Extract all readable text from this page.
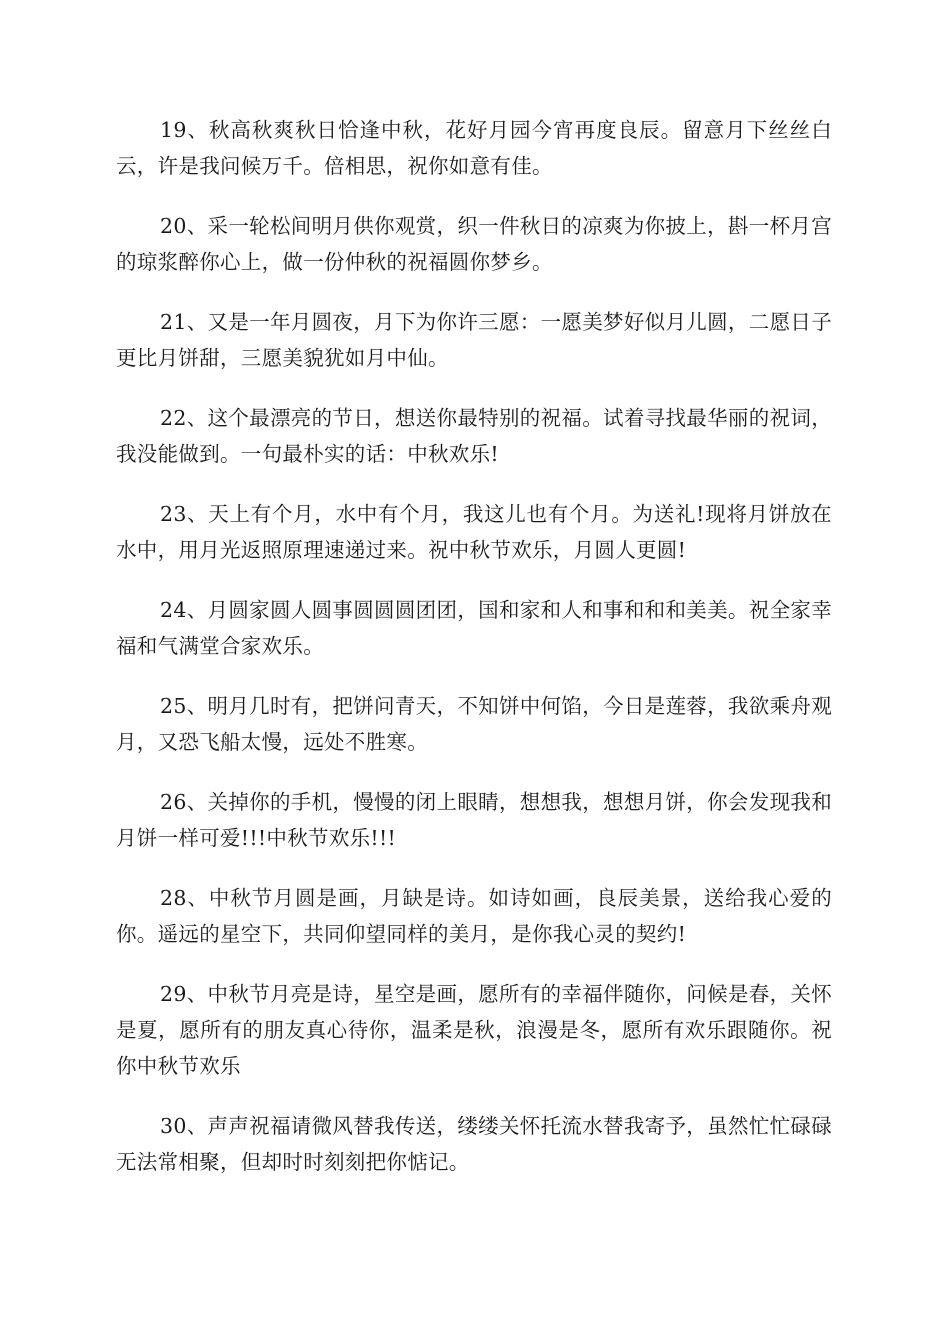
19、秋高秋爽秋日恰逢中秋，花好月园今宵再度良辰。留意月下丝丝白云，许是我问候万千。倍相思，祝你如意有佳。

20、采一轮松间明月供你观赏，织一件秋日的凉爽为你披上，斟一杯月宫的琼浆醉你心上，做一份仲秋的祝福圆你梦乡。

21、又是一年月圆夜，月下为你许三愿：一愿美梦好似月儿圆，二愿日子更比月饼甜，三愿美貌犹如月中仙。

22、这个最漂亮的节日，想送你最特别的祝福。试着寻找最华丽的祝词，我没能做到。一句最朴实的话：中秋欢乐!

23、天上有个月，水中有个月，我这儿也有个月。为送礼!现将月饼放在水中，用月光返照原理速递过来。祝中秋节欢乐，月圆人更圆!

24、月圆家圆人圆事圆圆圆团团，国和家和人和事和和和美美。祝全家幸福和气满堂合家欢乐。

25、明月几时有，把饼问青天，不知饼中何馅，今日是莲蓉，我欲乘舟观月，又恐飞船太慢，远处不胜寒。

26、关掉你的手机，慢慢的闭上眼睛，想想我，想想月饼，你会发现我和月饼一样可爱!!!中秋节欢乐!!!

28、中秋节月圆是画，月缺是诗。如诗如画，良辰美景，送给我心爱的你。遥远的星空下，共同仰望同样的美月，是你我心灵的契约!

29、中秋节月亮是诗，星空是画，愿所有的幸福伴随你，问候是春，关怀是夏，愿所有的朋友真心待你，温柔是秋，浪漫是冬，愿所有欢乐跟随你。祝你中秋节欢乐

30、声声祝福请微风替我传送，缕缕关怀托流水替我寄予，虽然忙忙碌碌无法常相聚，但却时时刻刻把你惦记。
